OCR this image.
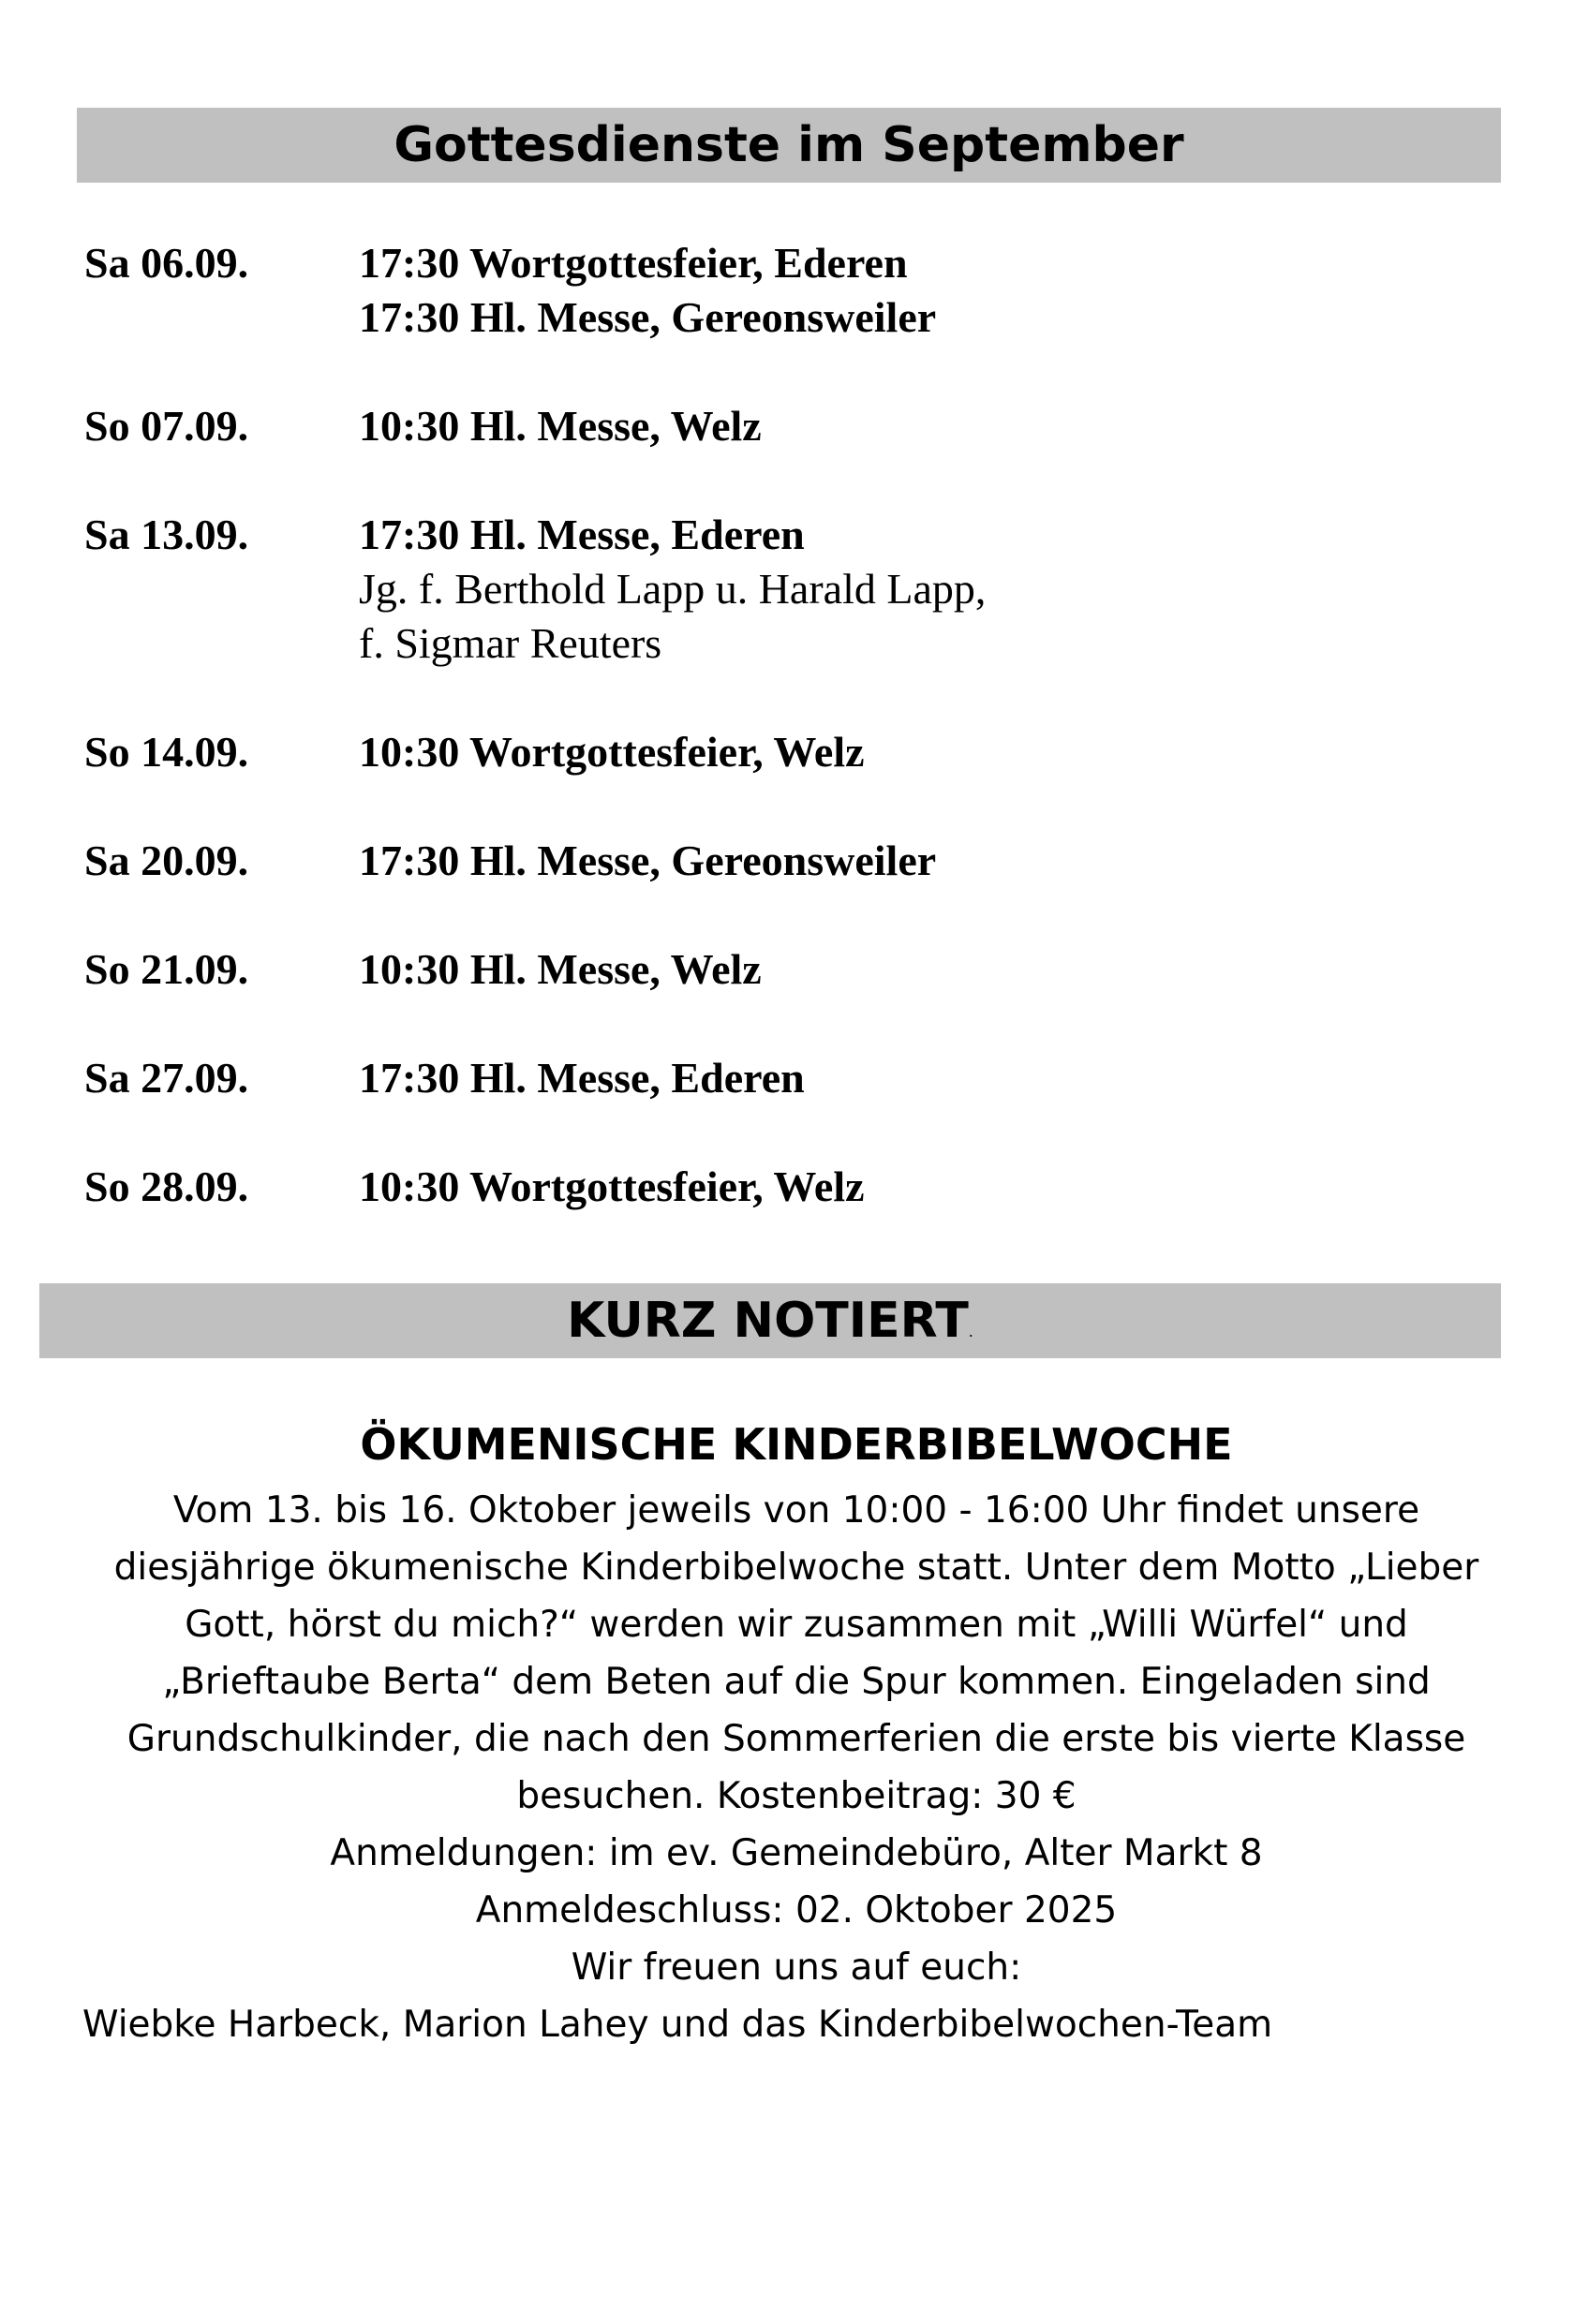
Gottesdienste im September
Sa 06.09.	17:30 Wortgottesfeier, Ederen
17:30 Hl. Messe, Gereonsweiler
So 07.09.	10:30 Hl. Messe, Welz
Sa 13.09.	17:30 Hl. Messe, Ederen
Jg. f. Berthold Lapp u. Harald Lapp,
f. Sigmar Reuters
So 14.09.	10:30 Wortgottesfeier, Welz
Sa 20.09.	17:30 Hl. Messe, Gereonsweiler
So 21.09.	10:30 Hl. Messe, Welz
Sa 27.09.	17:30 Hl. Messe, Ederen
So 28.09.	10:30 Wortgottesfeier, Welz
KURZ NOTIERT.
ÖKUMENISCHE KINDERBIBELWOCHE

Vom 13. bis 16. Oktober jeweils von 10:00 - 16:00 Uhr findet unsere diesjährige ökumenische Kinderbibelwoche statt. Unter dem Motto „Lieber Gott, hörst du mich?“ werden wir zusammen mit „Willi Würfel“ und „Brieftaube Berta“ dem Beten auf die Spur kommen. Eingeladen sind Grundschulkinder, die nach den Sommerferien die erste bis vierte Klasse besuchen. Kostenbeitrag: 30 €

Anmeldungen: im ev. Gemeindebüro, Alter Markt 8

Anmeldeschluss: 02. Oktober 2025

Wir freuen uns auf euch:

Wiebke Harbeck, Marion Lahey und das Kinderbibelwochen-Team
